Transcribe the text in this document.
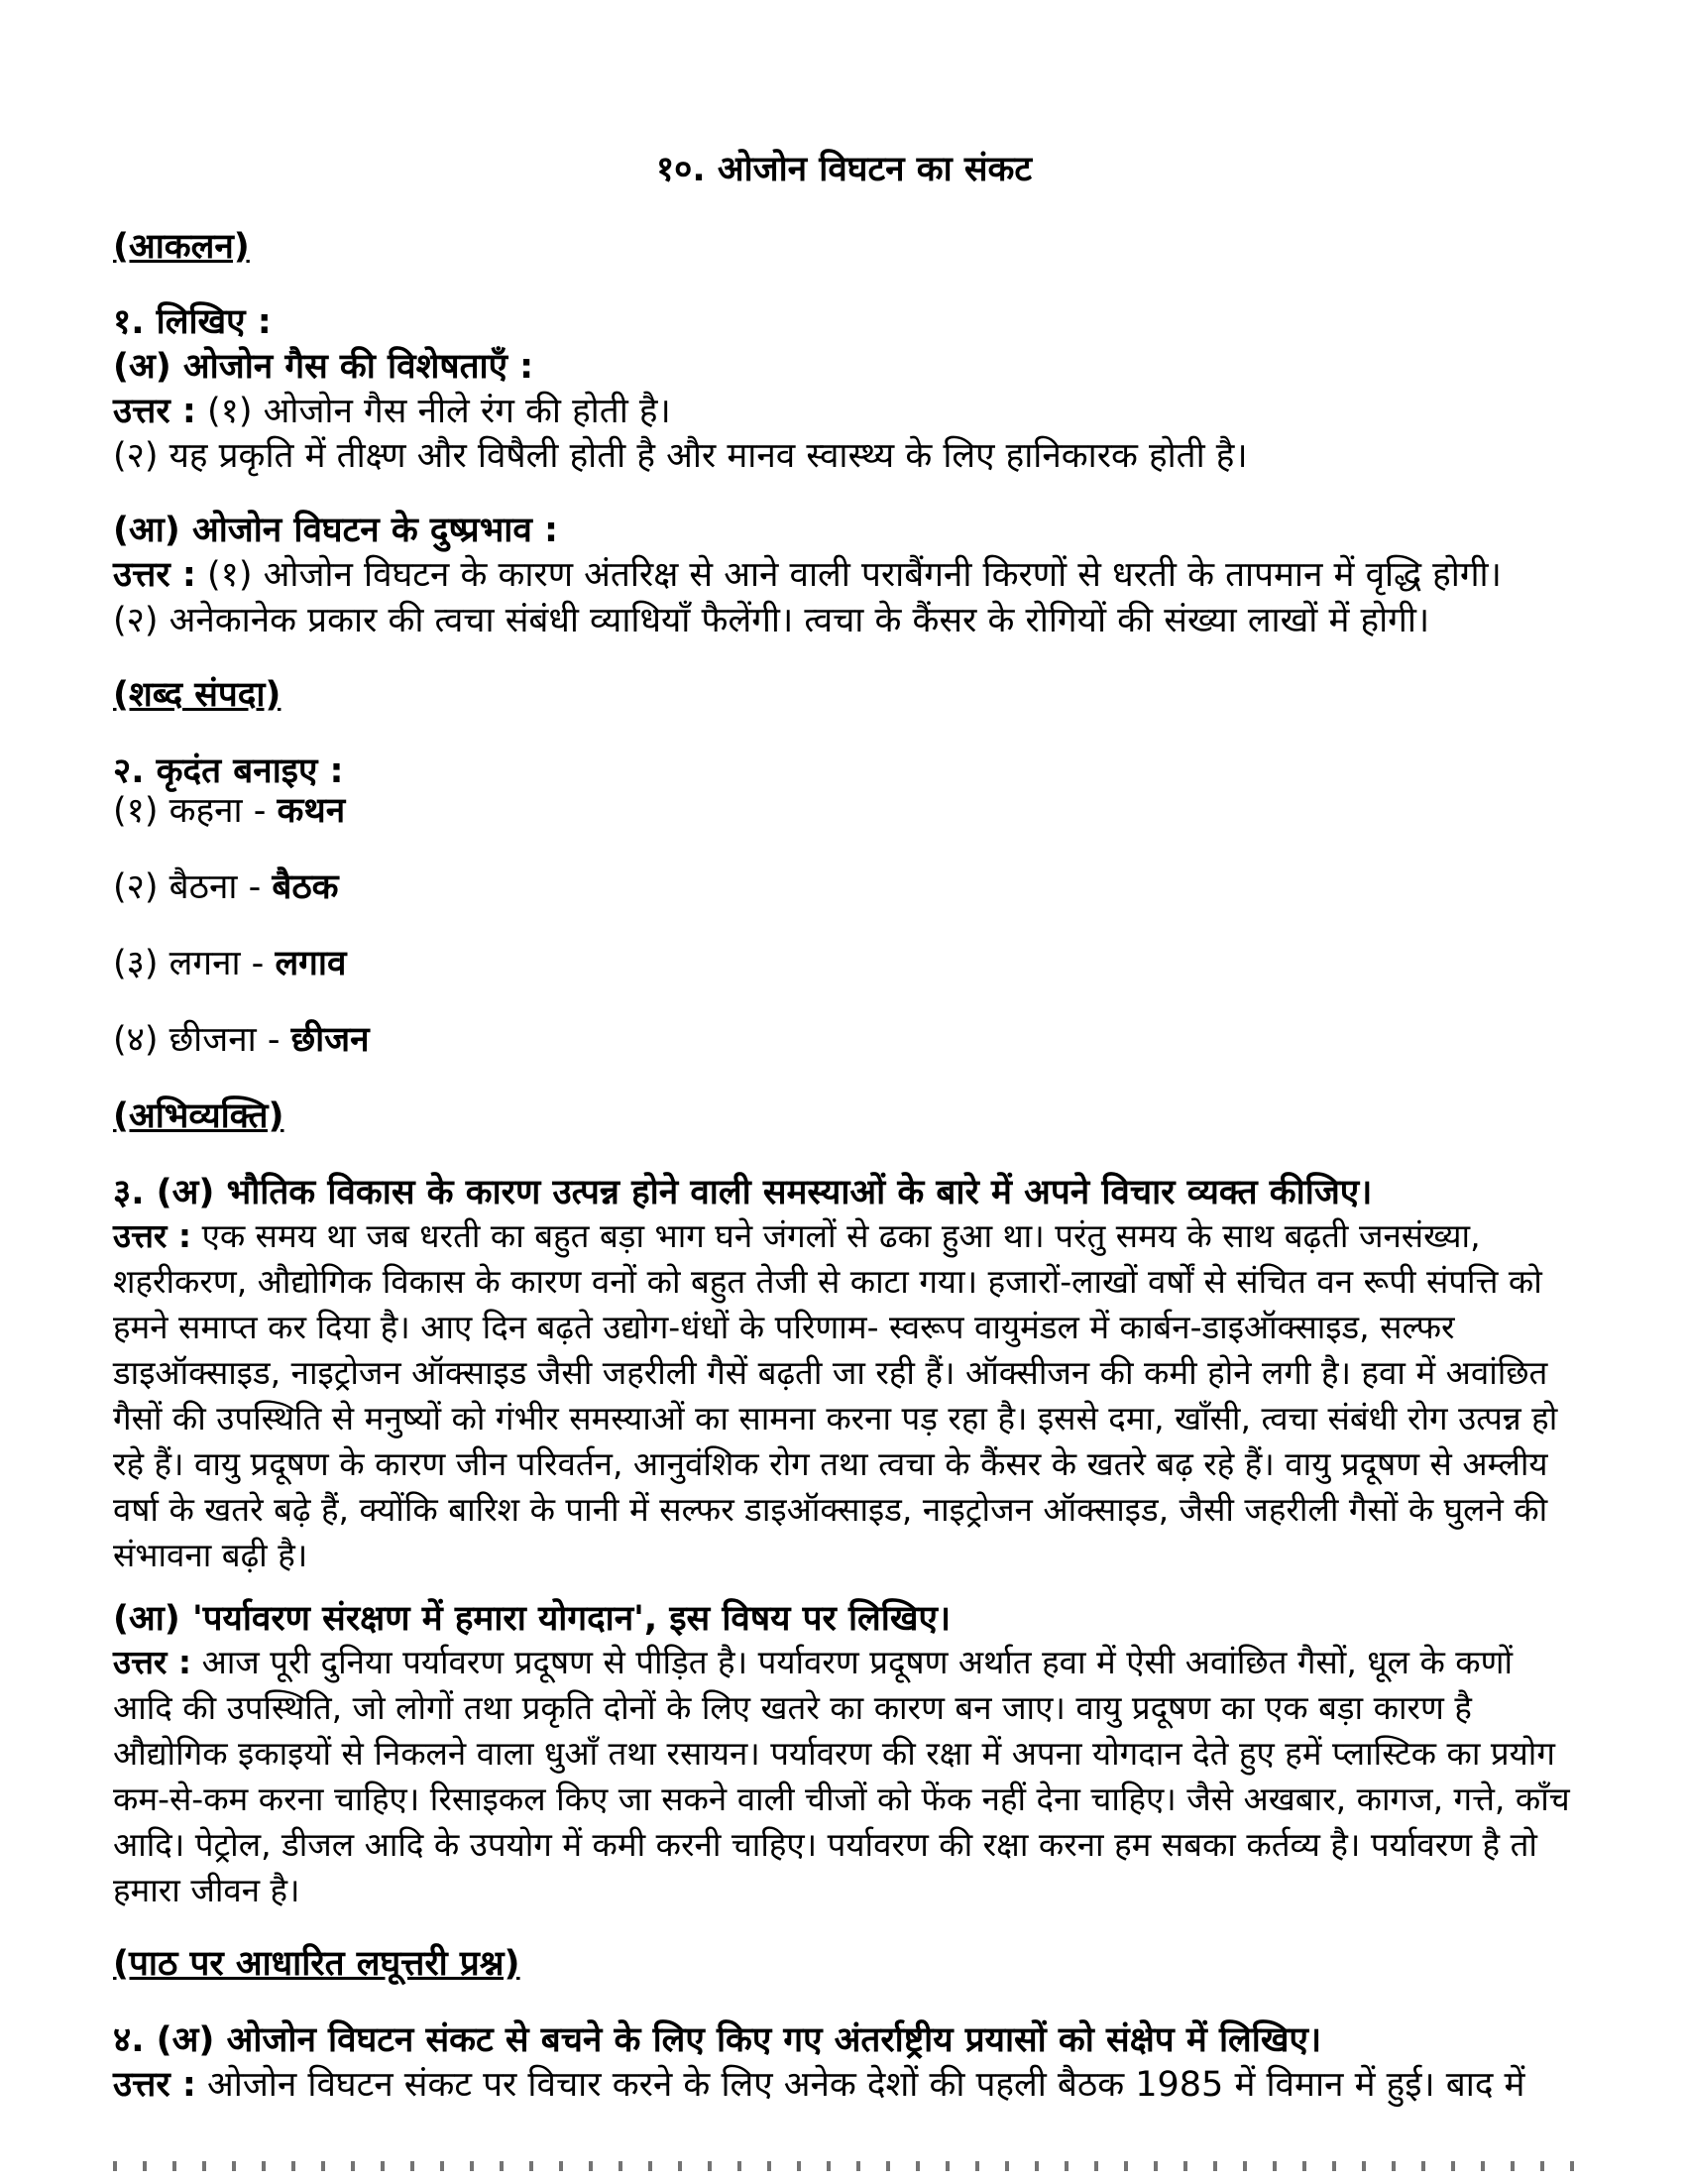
१०. ओजोन विघटन का संकट
(आकलन)
१. लिखिए :
(अ) ओजोन गैस की विशेषताएँ :
उत्तर : (१) ओजोन गैस नीले रंग की होती है।
(२) यह प्रकृति में तीक्ष्ण और विषैली होती है और मानव स्वास्थ्य के लिए हानिकारक होती है।
(आ) ओजोन विघटन के दुष्प्रभाव :
उत्तर : (१) ओजोन विघटन के कारण अंतरिक्ष से आने वाली पराबैंगनी किरणों से धरती के तापमान में वृद्धि होगी।
(२) अनेकानेक प्रकार की त्वचा संबंधी व्याधियाँ फैलेंगी। त्वचा के कैंसर के रोगियों की संख्या लाखों में होगी।
(शब्द संपदा)
२. कृदंत बनाइए :
(१) कहना - कथन
(२) बैठना - बैठक
(३) लगना - लगाव
(४) छीजना - छीजन
(अभिव्यक्ति)
३. (अ) भौतिक विकास के कारण उत्पन्न होने वाली समस्याओं के बारे में अपने विचार व्यक्त कीजिए।
उत्तर : एक समय था जब धरती का बहुत बड़ा भाग घने जंगलों से ढका हुआ था। परंतु समय के साथ बढ़ती जनसंख्या, शहरीकरण, औद्योगिक विकास के कारण वनों को बहुत तेजी से काटा गया। हजारों-लाखों वर्षों से संचित वन रूपी संपत्ति को हमने समाप्त कर दिया है। आए दिन बढ़ते उद्योग-धंधों के परिणाम- स्वरूप वायुमंडल में कार्बन-डाइऑक्साइड, सल्फर डाइऑक्साइड, नाइट्रोजन ऑक्साइड जैसी जहरीली गैसें बढ़ती जा रही हैं। ऑक्सीजन की कमी होने लगी है। हवा में अवांछित गैसों की उपस्थिति से मनुष्यों को गंभीर समस्याओं का सामना करना पड़ रहा है। इससे दमा, खाँसी, त्वचा संबंधी रोग उत्पन्न हो रहे हैं। वायु प्रदूषण के कारण जीन परिवर्तन, आनुवंशिक रोग तथा त्वचा के कैंसर के खतरे बढ़ रहे हैं। वायु प्रदूषण से अम्लीय वर्षा के खतरे बढ़े हैं, क्योंकि बारिश के पानी में सल्फर डाइऑक्साइड, नाइट्रोजन ऑक्साइड, जैसी जहरीली गैसों के घुलने की संभावना बढ़ी है।
(आ) 'पर्यावरण संरक्षण में हमारा योगदान', इस विषय पर लिखिए।
उत्तर : आज पूरी दुनिया पर्यावरण प्रदूषण से पीड़ित है। पर्यावरण प्रदूषण अर्थात हवा में ऐसी अवांछित गैसों, धूल के कणों आदि की उपस्थिति, जो लोगों तथा प्रकृति दोनों के लिए खतरे का कारण बन जाए। वायु प्रदूषण का एक बड़ा कारण है औद्योगिक इकाइयों से निकलने वाला धुआँ तथा रसायन। पर्यावरण की रक्षा में अपना योगदान देते हुए हमें प्लास्टिक का प्रयोग कम-से-कम करना चाहिए। रिसाइकल किए जा सकने वाली चीजों को फेंक नहीं देना चाहिए। जैसे अखबार, कागज, गत्ते, काँच आदि। पेट्रोल, डीजल आदि के उपयोग में कमी करनी चाहिए। पर्यावरण की रक्षा करना हम सबका कर्तव्य है। पर्यावरण है तो हमारा जीवन है।
(पाठ पर आधारित लघूत्तरी प्रश्न)
४. (अ) ओजोन विघटन संकट से बचने के लिए किए गए अंतर्राष्ट्रीय प्रयासों को संक्षेप में लिखिए।
उत्तर : ओजोन विघटन संकट पर विचार करने के लिए अनेक देशों की पहली बैठक 1985 में विमान में हुई। बाद में
